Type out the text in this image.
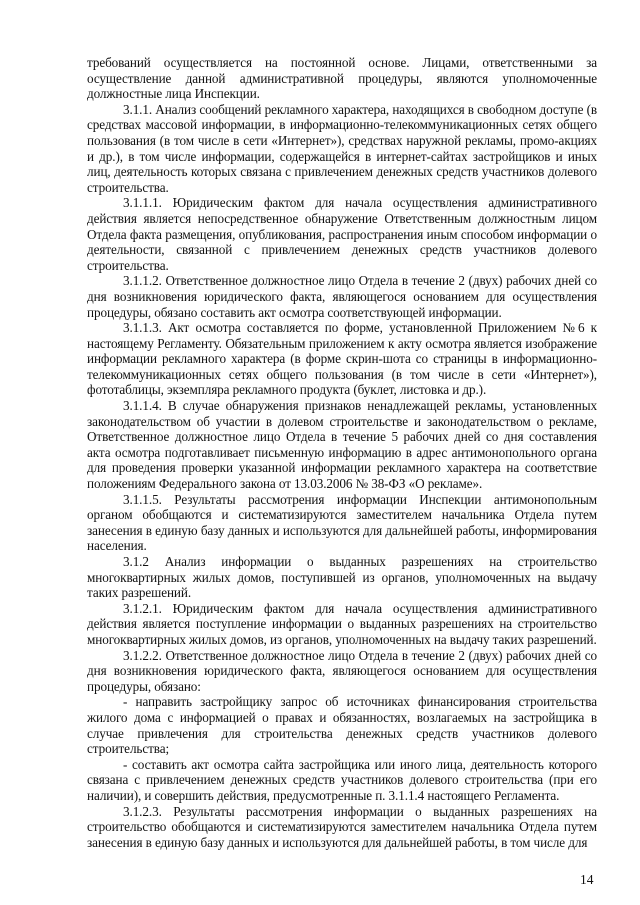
требований осуществляется на постоянной основе. Лицами, ответственными за осуществление данной административной процедуры, являются уполномоченные должностные лица Инспекции.

3.1.1. Анализ сообщений рекламного характера, находящихся в свободном доступе (в средствах массовой информации, в информационно-телекоммуникационных сетях общего пользования (в том числе в сети «Интернет»), средствах наружной рекламы, промо-акциях и др.), в том числе информации, содержащейся в интернет-сайтах застройщиков и иных лиц, деятельность которых связана с привлечением денежных средств участников долевого строительства.

3.1.1.1. Юридическим фактом для начала осуществления административного действия является непосредственное обнаружение Ответственным должностным лицом Отдела факта размещения, опубликования, распространения иным способом информации о деятельности, связанной с привлечением денежных средств участников долевого строительства.

3.1.1.2. Ответственное должностное лицо Отдела в течение 2 (двух) рабочих дней со дня возникновения юридического факта, являющегося основанием для осуществления процедуры, обязано составить акт осмотра соответствующей информации.

3.1.1.3. Акт осмотра составляется по форме, установленной Приложением №6 к настоящему Регламенту. Обязательным приложением к акту осмотра является изображение информации рекламного характера (в форме скрин-шота со страницы в информационно-телекоммуникационных сетях общего пользования (в том числе в сети «Интернет»), фототаблицы, экземпляра рекламного продукта (буклет, листовка и др.).

3.1.1.4. В случае обнаружения признаков ненадлежащей рекламы, установленных законодательством об участии в долевом строительстве и законодательством о рекламе, Ответственное должностное лицо Отдела в течение 5 рабочих дней со дня составления акта осмотра подготавливает письменную информацию в адрес антимонопольного органа для проведения проверки указанной информации рекламного характера на соответствие положениям Федерального закона от 13.03.2006 № 38-ФЗ «О рекламе».

3.1.1.5. Результаты рассмотрения информации Инспекции антимонопольным органом обобщаются и систематизируются заместителем начальника Отдела путем занесения в единую базу данных и используются для дальнейшей работы, информирования населения.

3.1.2 Анализ информации о выданных разрешениях на строительство многоквартирных жилых домов, поступившей из органов, уполномоченных на выдачу таких разрешений.

3.1.2.1. Юридическим фактом для начала осуществления административного действия является поступление информации о выданных разрешениях на строительство многоквартирных жилых домов, из органов, уполномоченных на выдачу таких разрешений.

3.1.2.2. Ответственное должностное лицо Отдела в течение 2 (двух) рабочих дней со дня возникновения юридического факта, являющегося основанием для осуществления процедуры, обязано:

- направить застройщику запрос об источниках финансирования строительства жилого дома с информацией о правах и обязанностях, возлагаемых на застройщика в случае привлечения для строительства денежных средств участников долевого строительства;

- составить акт осмотра сайта застройщика или иного лица, деятельность которого связана с привлечением денежных средств участников долевого строительства (при его наличии), и совершить действия, предусмотренные п. 3.1.1.4 настоящего Регламента.

3.1.2.3. Результаты рассмотрения информации о выданных разрешениях на строительство обобщаются и систематизируются заместителем начальника Отдела путем занесения в единую базу данных и используются для дальнейшей работы, в том числе для

14
